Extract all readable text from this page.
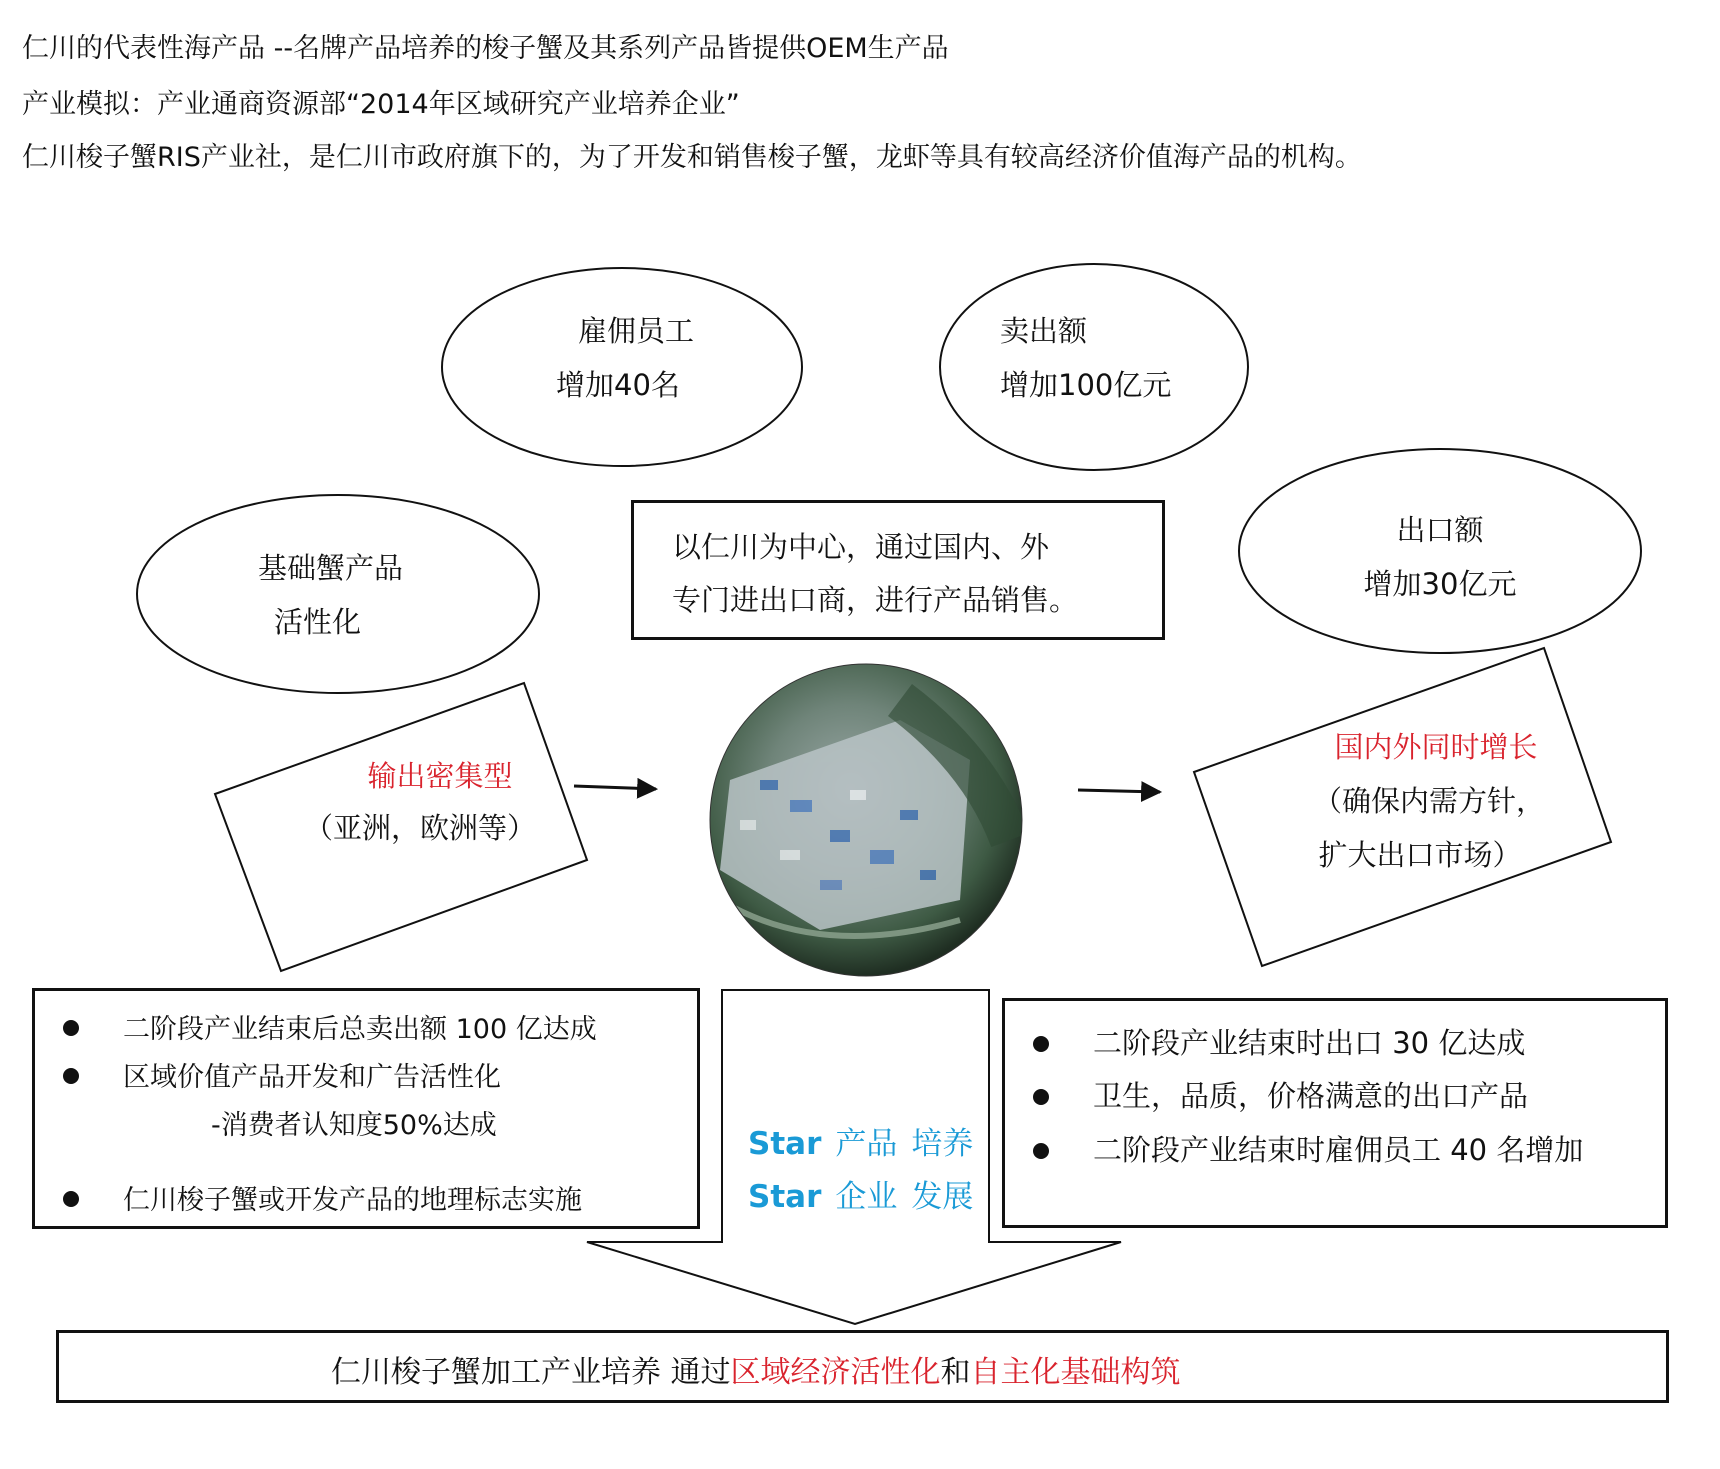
仁川的代表性海产品 --名牌产品培养的梭子蟹及其系列产品皆提供OEM生产品
产业模拟：产业通商资源部“2014年区域研究产业培养企业”
仁川梭子蟹RIS产业社，是仁川市政府旗下的，为了开发和销售梭子蟹，龙虾等具有较高经济价值海产品的机构。
雇佣员工
增加40名
卖出额
增加100亿元
基础蟹产品
活性化
出口额
增加30亿元
以仁川为中心，通过国内、外
专门进出口商，进行产品销售。
输出密集型
（亚洲，欧洲等）
国内外同时增长
（确保内需方针，
扩大出口市场）
二阶段产业结束后总卖出额 100 亿达成
区域价值产品开发和广告活性化
-消费者认知度50%达成
仁川梭子蟹或开发产品的地理标志实施
二阶段产业结束时出口 30 亿达成
卫生，品质，价格满意的出口产品
二阶段产业结束时雇佣员工 40 名增加
Star 产品 培养
Star 企业 发展
仁川梭子蟹加工产业培养 通过区域经济活性化和自主化基础构筑
